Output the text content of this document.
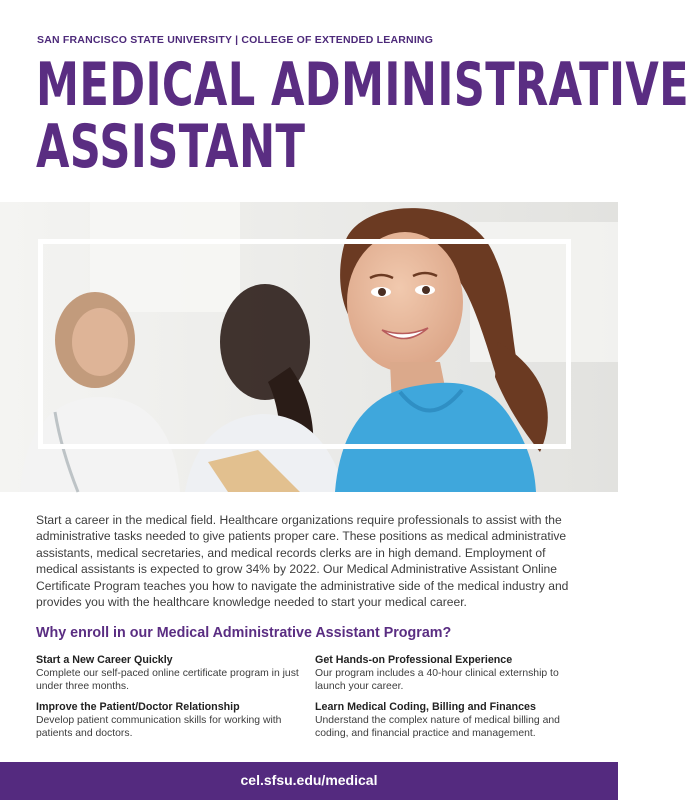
SAN FRANCISCO STATE UNIVERSITY | COLLEGE OF EXTENDED LEARNING
MEDICAL ADMINISTRATIVE
ASSISTANT

Start a career in the medical field. Healthcare organizations require professionals to assist with the administrative tasks needed to give patients proper care. These positions as medical administrative assistants, medical secretaries, and medical records clerks are in high demand. Employment of medical assistants is expected to grow 34% by 2022. Our Medical Administrative Assistant Online Certificate Program teaches you how to navigate the administrative side of the medical industry and provides you with the healthcare knowledge needed to start your medical career.

Why enroll in our Medical Administrative Assistant Program?
Start a New Career Quickly

Complete our self-paced online certificate program in just under three months.

Get Hands-on Professional Experience

Our program includes a 40-hour clinical externship to launch your career.

Improve the Patient/Doctor Relationship

Develop patient communication skills for working with patients and doctors.

Learn Medical Coding, Billing and Finances

Understand the complex nature of medical billing and coding, and financial practice and management.

cel.sfsu.edu/medical
